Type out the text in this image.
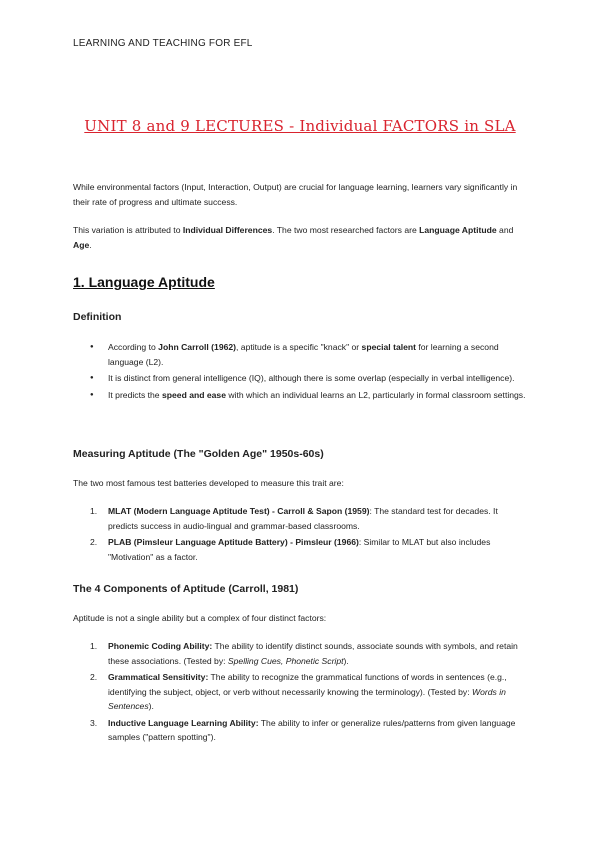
LEARNING AND TEACHING FOR EFL
UNIT 8 and 9 LECTURES - Individual FACTORS in SLA
While environmental factors (Input, Interaction, Output) are crucial for language learning, learners vary significantly in their rate of progress and ultimate success.
This variation is attributed to Individual Differences. The two most researched factors are Language Aptitude and Age.
1. Language Aptitude
Definition
● According to John Carroll (1962), aptitude is a specific "knack" or special talent for learning a second language (L2).
● It is distinct from general intelligence (IQ), although there is some overlap (especially in verbal intelligence).
● It predicts the speed and ease with which an individual learns an L2, particularly in formal classroom settings.
Measuring Aptitude (The "Golden Age" 1950s-60s)
The two most famous test batteries developed to measure this trait are:
1. MLAT (Modern Language Aptitude Test) - Carroll & Sapon (1959): The standard test for decades. It predicts success in audio-lingual and grammar-based classrooms.
2. PLAB (Pimsleur Language Aptitude Battery) - Pimsleur (1966): Similar to MLAT but also includes "Motivation" as a factor.
The 4 Components of Aptitude (Carroll, 1981)
Aptitude is not a single ability but a complex of four distinct factors:
1. Phonemic Coding Ability: The ability to identify distinct sounds, associate sounds with symbols, and retain these associations. (Tested by: Spelling Cues, Phonetic Script).
2. Grammatical Sensitivity: The ability to recognize the grammatical functions of words in sentences (e.g., identifying the subject, object, or verb without necessarily knowing the terminology). (Tested by: Words in Sentences).
3. Inductive Language Learning Ability: The ability to infer or generalize rules/patterns from given language samples ("pattern spotting").
